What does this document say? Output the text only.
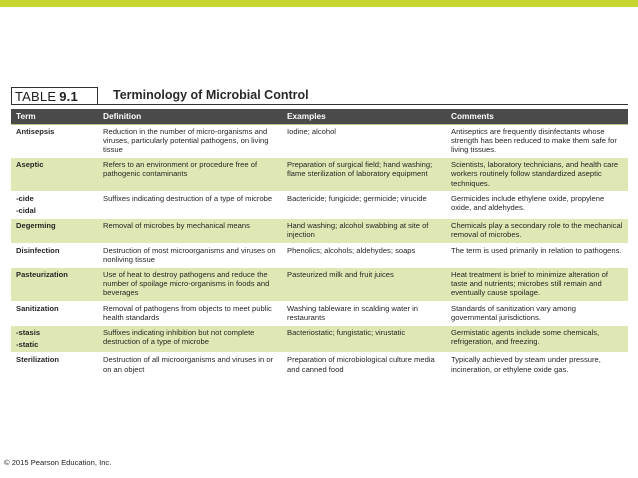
TABLE 9.1	Terminology of Microbial Control
Term	Definition	Examples	Comments

Antisepsis	Reduction in the number of micro-organisms and viruses, particularly potential pathogens, on living tissue	Iodine; alcohol	Antiseptics are frequently disinfectants whose strength has been reduced to make them safe for living tissues.

Aseptic	Refers to an environment or procedure free of pathogenic contaminants	Preparation of surgical field; hand washing; flame sterilization of laboratory equipment	Scientists, laboratory technicians, and health care workers routinely follow standardized aseptic techniques.

-cide
-cidal	Suffixes indicating destruction of a type of microbe	Bactericide; fungicide; germicide; virucide	Germicides include ethylene oxide, propylene oxide, and aldehydes.

Degerming	Removal of microbes by mechanical means	Hand washing; alcohol swabbing at site of injection	Chemicals play a secondary role to the mechanical removal of microbes.

Disinfection	Destruction of most microorganisms and viruses on nonliving tissue	Phenolics; alcohols; aldehydes; soaps	The term is used primarily in relation to pathogens.

Pasteurization	Use of heat to destroy pathogens and reduce the number of spoilage micro-organisms in foods and beverages	Pasteurized milk and fruit juices	Heat treatment is brief to minimize alteration of taste and nutrients; microbes still remain and eventually cause spoilage.

Sanitization	Removal of pathogens from objects to meet public health standards	Washing tableware in scalding water in restaurants	Standards of sanitization vary among governmental jurisdictions.

-stasis
-static	Suffixes indicating inhibition but not complete destruction of a type of microbe	Bacteriostatic; fungistatic; virustatic	Germistatic agents include some chemicals, refrigeration, and freezing.

Sterilization	Destruction of all microorganisms and viruses in or on an object	Preparation of microbiological culture media and canned food	Typically achieved by steam under pressure, incineration, or ethylene oxide gas.
© 2015 Pearson Education, Inc.
